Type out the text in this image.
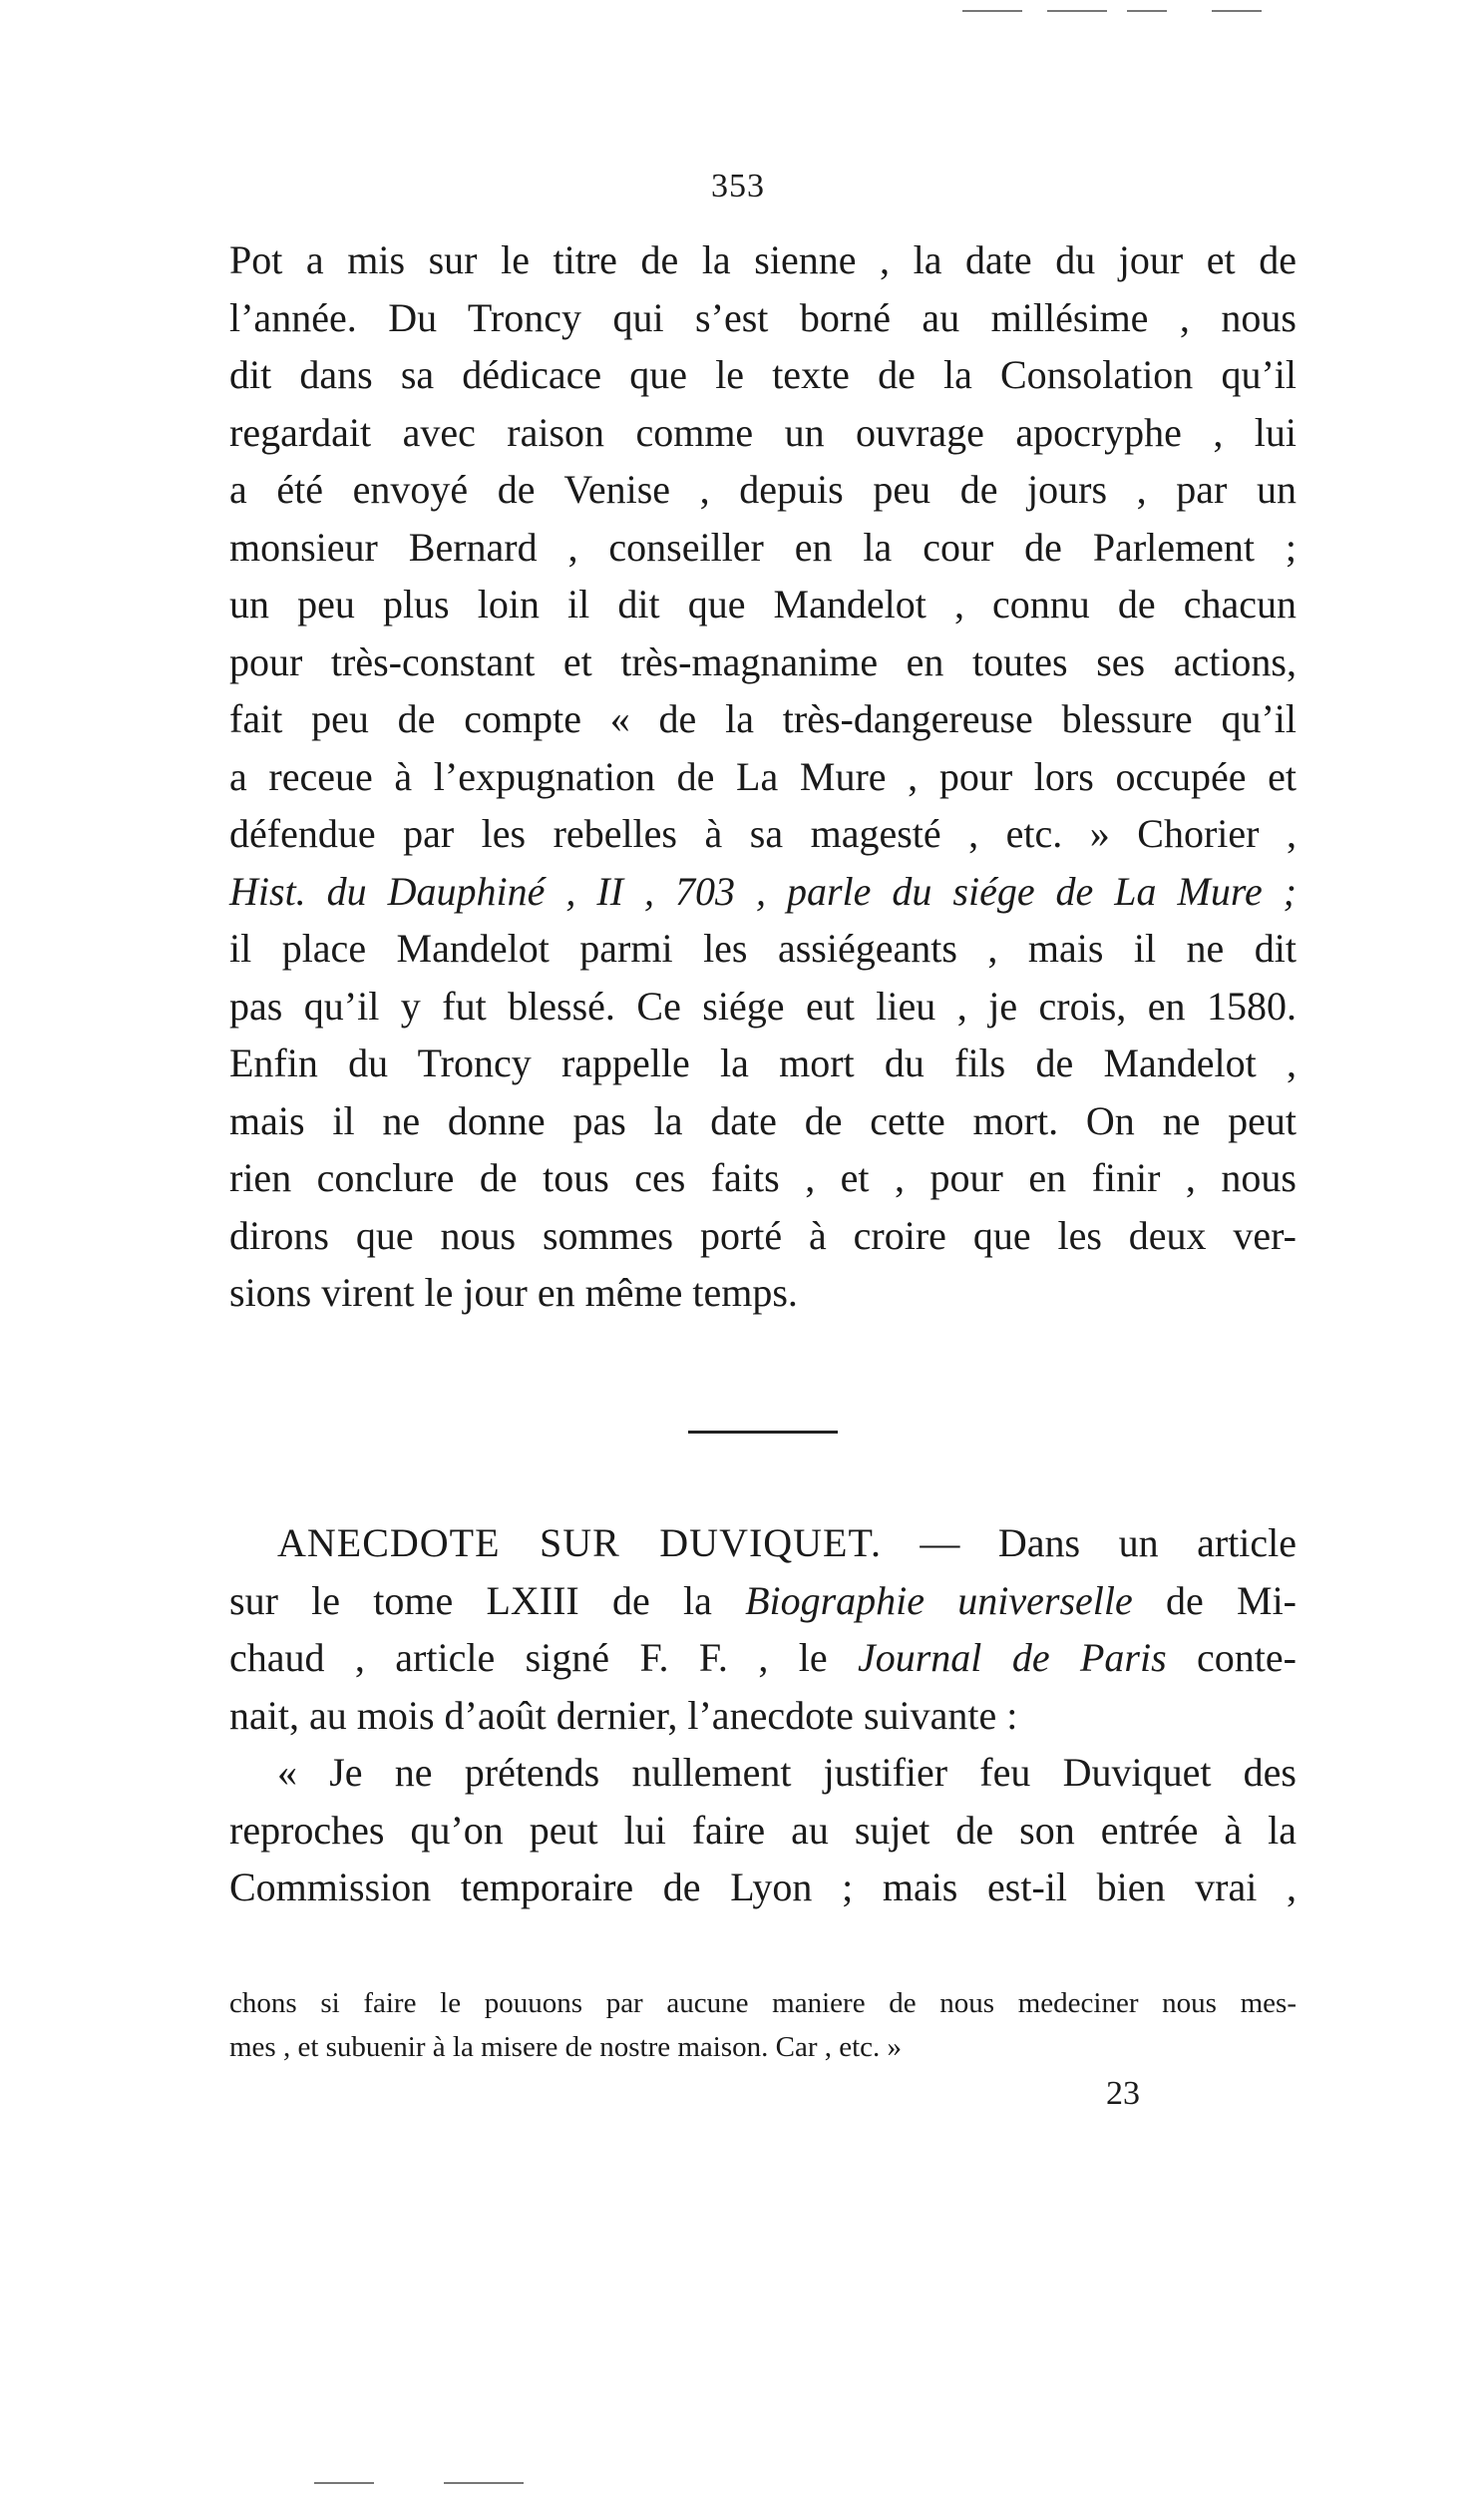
353
Pot a mis sur le titre de la sienne , la date du jour et de
l’année. Du Troncy qui s’est borné au millésime , nous
dit dans sa dédicace que le texte de la Consolation qu’il
regardait avec raison comme un ouvrage apocryphe , lui
a été envoyé de Venise , depuis peu de jours , par un
monsieur Bernard , conseiller en la cour de Parlement ;
un peu plus loin il dit que Mandelot , connu de chacun
pour très-constant et très-magnanime en toutes ses actions,
fait peu de compte « de la très-dangereuse blessure qu’il
a receue à l’expugnation de La Mure , pour lors occupée et
défendue par les rebelles à sa magesté , etc. » Chorier ,
Hist. du Dauphiné , II , 703 , parle du siége de La Mure ;
il place Mandelot parmi les assiégeants , mais il ne dit
pas qu’il y fut blessé. Ce siége eut lieu , je crois, en 1580.
Enfin du Troncy rappelle la mort du fils de Mandelot ,
mais il ne donne pas la date de cette mort. On ne peut
rien conclure de tous ces faits , et , pour en finir , nous
dirons que nous sommes porté à croire que les deux ver-
sions virent le jour en même temps.
ANECDOTE SUR DUVIQUET. — Dans un article
sur le tome LXIII de la Biographie universelle de Mi-
chaud , article signé F. F. , le Journal de Paris conte-
nait, au mois d’août dernier, l’anecdote suivante :
« Je ne prétends nullement justifier feu Duviquet des
reproches qu’on peut lui faire au sujet de son entrée à la
Commission temporaire de Lyon ; mais est-il bien vrai ,
chons si faire le pouuons par aucune maniere de nous medeciner nous mes-
mes , et subuenir à la misere de nostre maison. Car , etc. »
23
